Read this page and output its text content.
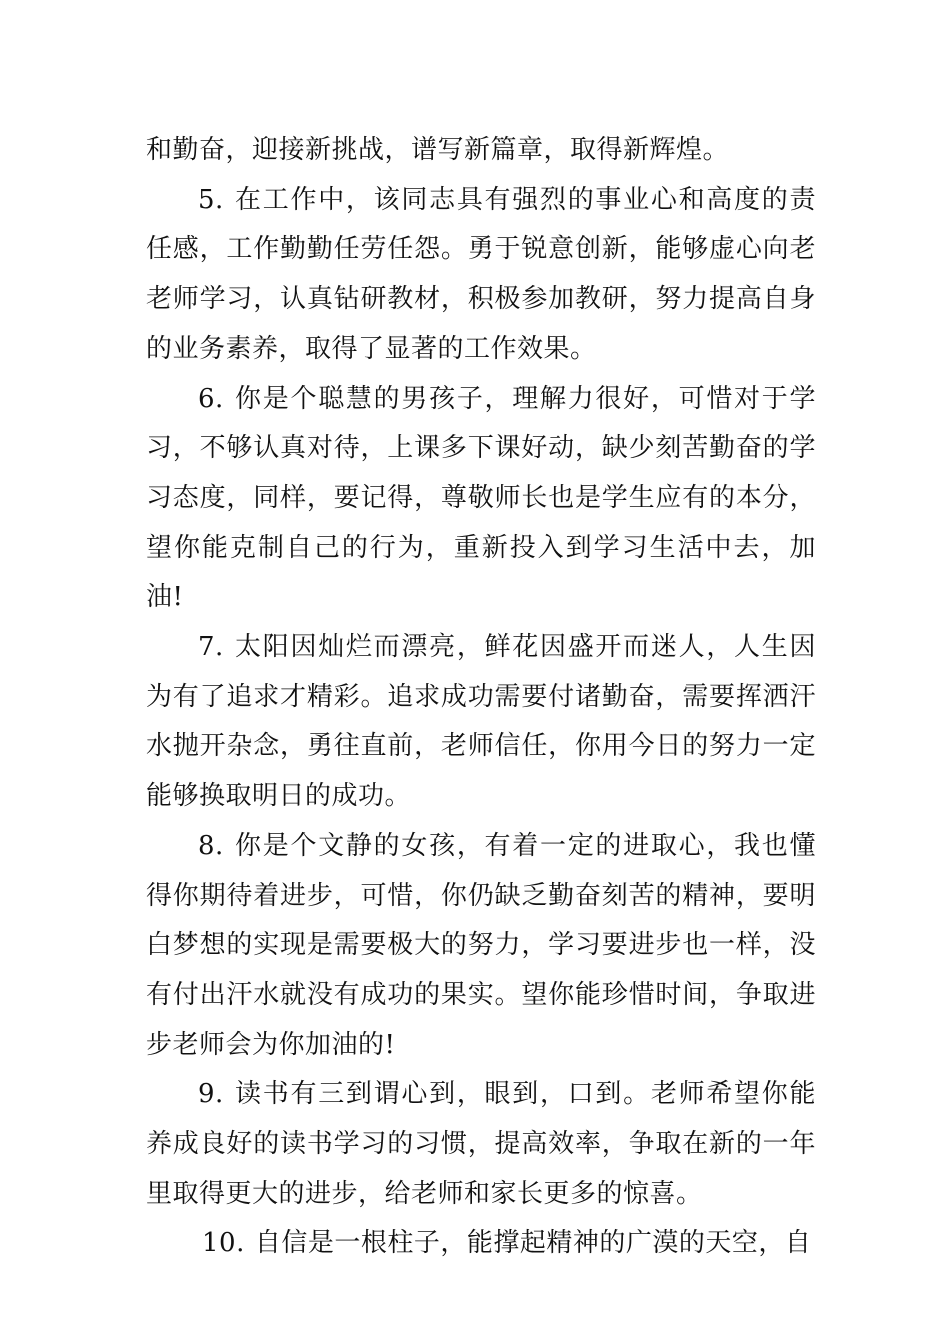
和勤奋，迎接新挑战，谱写新篇章，取得新辉煌。

5. 在工作中，该同志具有强烈的事业心和高度的责任感，工作勤勤任劳任怨。勇于锐意创新，能够虚心向老老师学习，认真钻研教材，积极参加教研，努力提高自身的业务素养，取得了显著的工作效果。

6. 你是个聪慧的男孩子，理解力很好，可惜对于学习，不够认真对待，上课多下课好动，缺少刻苦勤奋的学习态度，同样，要记得，尊敬师长也是学生应有的本分，望你能克制自己的行为，重新投入到学习生活中去，加油!

7. 太阳因灿烂而漂亮，鲜花因盛开而迷人，人生因为有了追求才精彩。追求成功需要付诸勤奋，需要挥洒汗水抛开杂念，勇往直前，老师信任，你用今日的努力一定能够换取明日的成功。

8. 你是个文静的女孩，有着一定的进取心，我也懂得你期待着进步，可惜，你仍缺乏勤奋刻苦的精神，要明白梦想的实现是需要极大的努力，学习要进步也一样，没有付出汗水就没有成功的果实。望你能珍惜时间，争取进步老师会为你加油的!

9. 读书有三到谓心到，眼到，口到。老师希望你能养成良好的读书学习的习惯，提高效率，争取在新的一年里取得更大的进步，给老师和家长更多的惊喜。

10. 自信是一根柱子，能撑起精神的广漠的天空，自
